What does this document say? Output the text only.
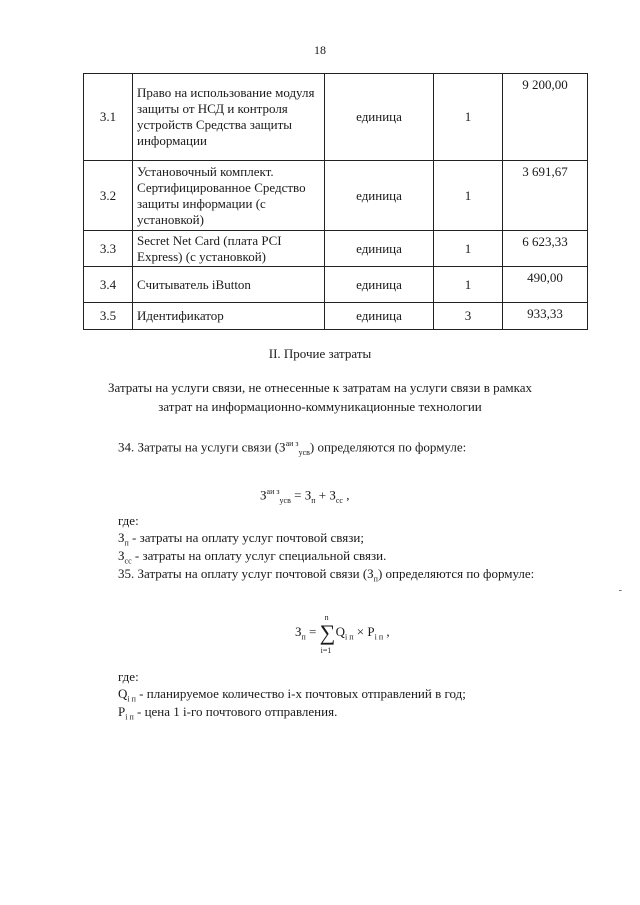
18
3.1	Право на использование модуля защиты от НСД и контроля устройств Средства защиты информации	единица	1	9 200,00
3.2	Установочный комплект. Сертифицированное Средство защиты информации (с установкой)	единица	1	3 691,67
3.3	Secret Net Card (плата PCI Express) (с установкой)	единица	1	6 623,33
3.4	Считыватель iButton	единица	1	490,00
3.5	Идентификатор	единица	3	933,33
II. Прочие затраты
Затраты на услуги связи, не отнесенные к затратам на услуги связи в рамках затрат на информационно-коммуникационные технологии
34. Затраты на услуги связи $(З^{аи з}_{усв})$ определяются по формуле:
$З^{аи з}_{усв} = З_п + З_{сс}$ ,
где:
$З_п$ - затраты на оплату услуг почтовой связи;
$З_{сс}$ - затраты на оплату услуг специальной связи.
35. Затраты на оплату услуг почтовой связи $(З_п)$ определяются по формуле:
$З_п$ =
n
∑
i=1
$Q_{i п} \times P_{i п}$ ,
где:
$Q_{i п}$ - планируемое количество i-х почтовых отправлений в год;
$P_{i п}$ - цена 1 i-го почтового отправления.
-
